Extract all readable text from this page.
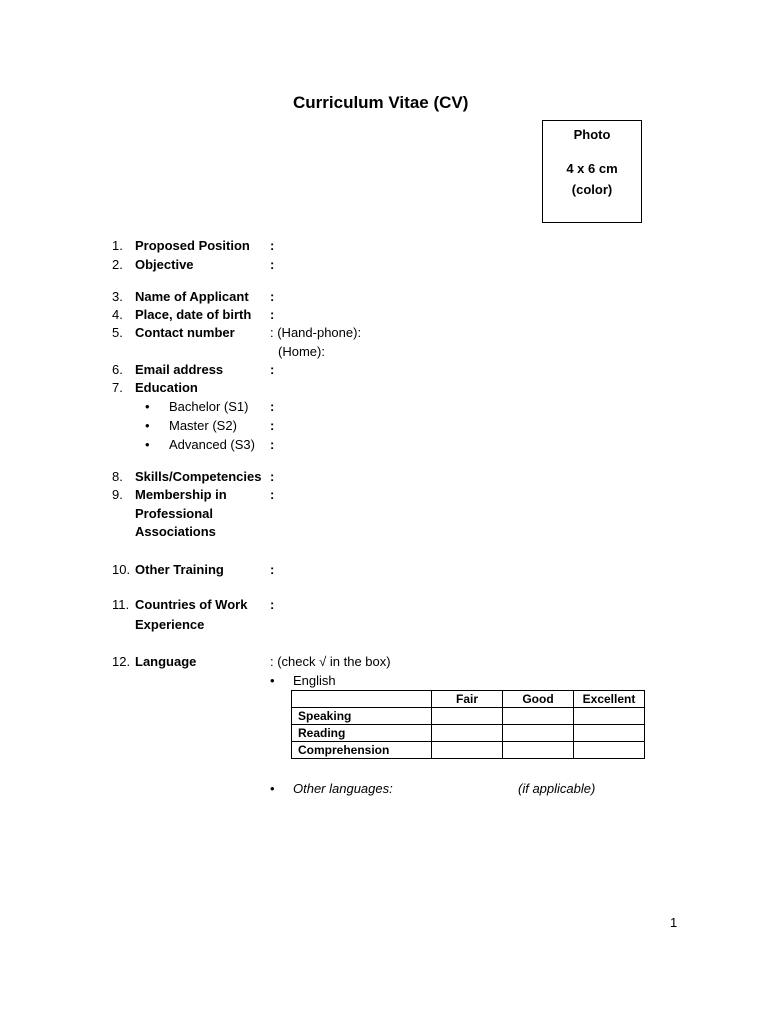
Curriculum Vitae (CV)
Photo
4 x 6 cm
(color)
1. Proposed Position :
2. Objective	:
3. Name of Applicant :
4. Place, date of birth :
5. Contact number	: (Hand-phone):
(Home):
6. Email address	:
7. Education
• Bachelor (S1) :
• Master (S2)	:
• Advanced (S3) :
8. Skills/Competencies :
9. Membership in
Professional
Associations
:
10. Other Training	:
11. Countries of Work
Experience
:
12. Language	: (check √ in the box)
• English
	Fair	Good	Excellent
Speaking			
Reading			
Comprehension			
• Other languages:	(if applicable)
1
